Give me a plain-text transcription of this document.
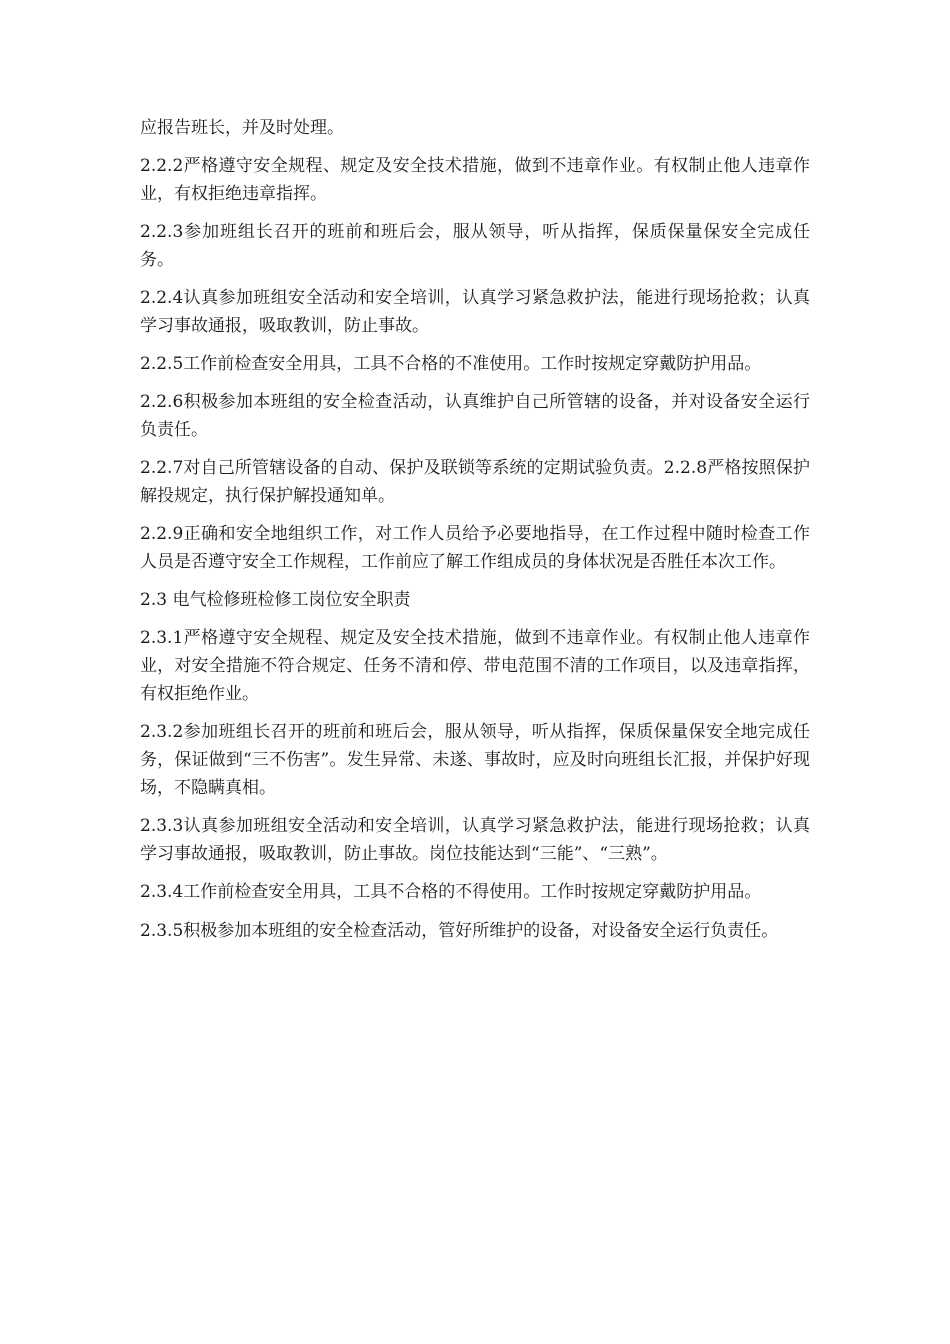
应报告班长，并及时处理。

2.2.2严格遵守安全规程、规定及安全技术措施，做到不违章作业。有权制止他人违章作业，有权拒绝违章指挥。

2.2.3参加班组长召开的班前和班后会，服从领导，听从指挥，保质保量保安全完成任务。

2.2.4认真参加班组安全活动和安全培训，认真学习紧急救护法，能进行现场抢救；认真学习事故通报，吸取教训，防止事故。

2.2.5工作前检查安全用具，工具不合格的不准使用。工作时按规定穿戴防护用品。

2.2.6积极参加本班组的安全检查活动，认真维护自己所管辖的设备，并对设备安全运行负责任。

2.2.7对自己所管辖设备的自动、保护及联锁等系统的定期试验负责。2.2.8严格按照保护解投规定，执行保护解投通知单。

2.2.9正确和安全地组织工作，对工作人员给予必要地指导，在工作过程中随时检查工作人员是否遵守安全工作规程，工作前应了解工作组成员的身体状况是否胜任本次工作。

2.3 电气检修班检修工岗位安全职责

2.3.1严格遵守安全规程、规定及安全技术措施，做到不违章作业。有权制止他人违章作业，对安全措施不符合规定、任务不清和停、带电范围不清的工作项目，以及违章指挥，有权拒绝作业。

2.3.2参加班组长召开的班前和班后会，服从领导，听从指挥，保质保量保安全地完成任务，保证做到“三不伤害”。发生异常、未遂、事故时，应及时向班组长汇报，并保护好现场，不隐瞒真相。

2.3.3认真参加班组安全活动和安全培训，认真学习紧急救护法，能进行现场抢救；认真学习事故通报，吸取教训，防止事故。岗位技能达到“三能”、“三熟”。

2.3.4工作前检查安全用具，工具不合格的不得使用。工作时按规定穿戴防护用品。

2.3.5积极参加本班组的安全检查活动，管好所维护的设备，对设备安全运行负责任。
